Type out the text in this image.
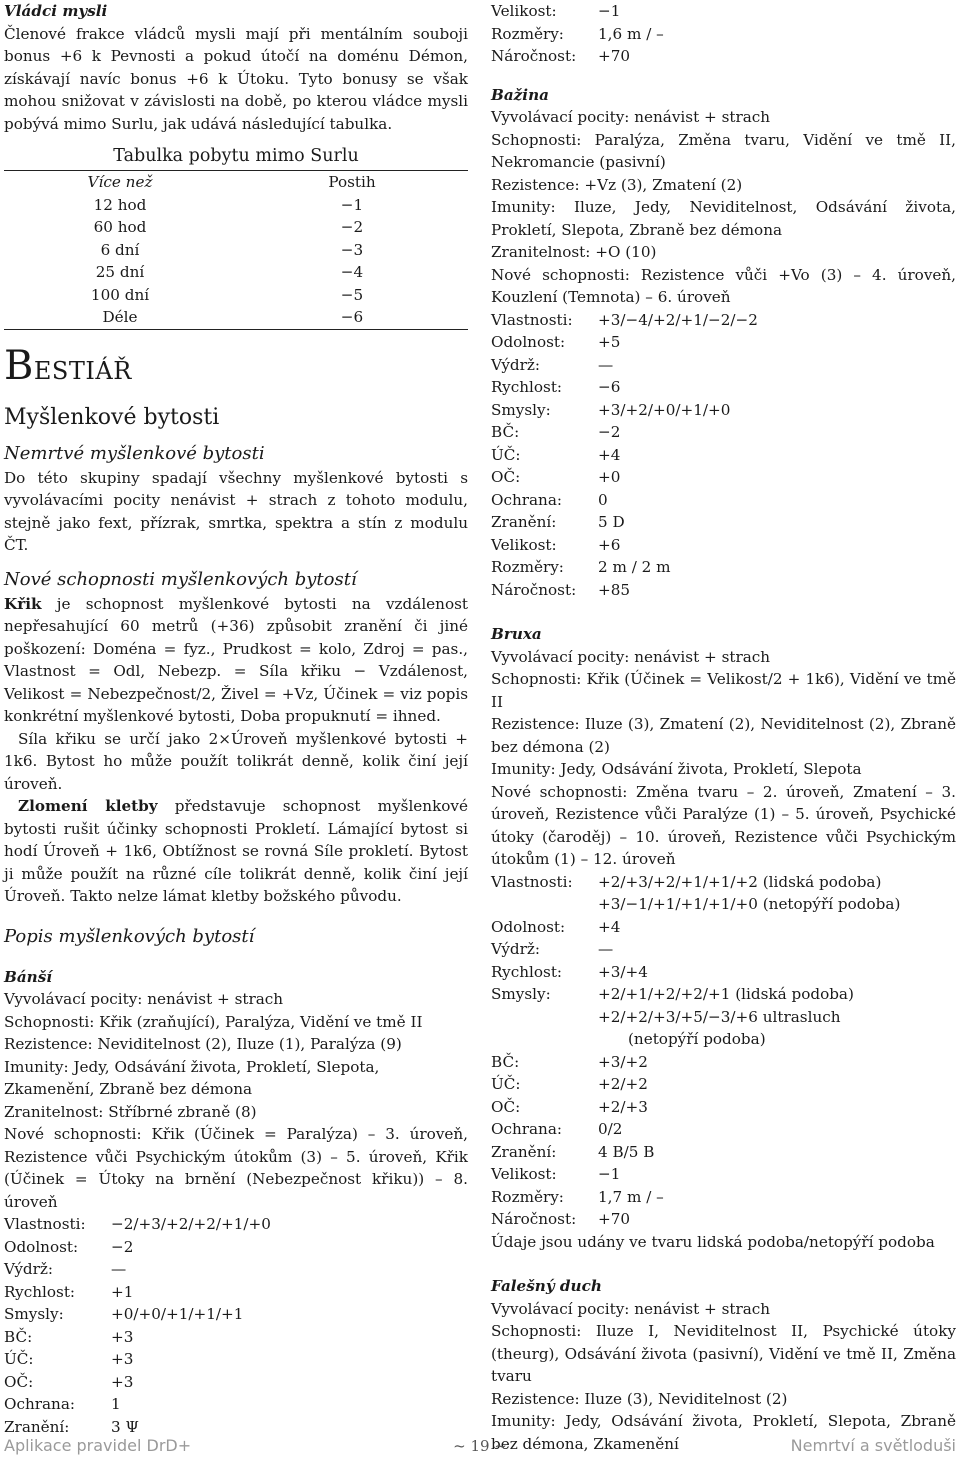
Vládci mysli
Členové frakce vládců mysli mají při mentálním souboji bonus +6 k Pevnosti a pokud útočí na doménu Démon, získávají navíc bonus +6 k Útoku. Tyto bonusy se však mohou snižovat v závislosti na době, po kterou vládce mysli pobývá mimo Surlu, jak udává následující tabulka.
Tabulka pobytu mimo Surlu
Více než	Postih
12 hod	−1
60 hod	−2
6 dní	−3
25 dní	−4
100 dní	−5
Déle	−6
Bestiář
Myšlenkové bytosti
Nemrtvé myšlenkové bytosti
Do této skupiny spadají všechny myšlenkové bytosti s vyvolávacími pocity nenávist + strach z tohoto modulu, stejně jako fext, přízrak, smrtka, spektra a stín z modulu ČT.
Nové schopnosti myšlenkových bytostí
Křik je schopnost myšlenkové bytosti na vzdálenost nepřesahující 60 metrů (+36) způsobit zranění či jiné poškození: Doména = fyz., Prudkost = kolo, Zdroj = pas., Vlastnost = Odl, Nebezp. = Síla křiku − Vzdálenost, Velikost = Nebezpečnost/2, Živel = +Vz, Účinek = viz popis konkrétní myšlenkové bytosti, Doba propuknutí = ihned.
Síla křiku se určí jako 2×Úroveň myšlenkové bytosti + 1k6. Bytost ho může použít tolikrát denně, kolik činí její úroveň.
Zlomení kletby představuje schopnost myšlenkové bytosti rušit účinky schopnosti Prokletí. Lámající bytost si hodí Úroveň + 1k6, Obtížnost se rovná Síle prokletí. Bytost ji může použít na různé cíle tolikrát denně, kolik činí její Úroveň. Takto nelze lámat kletby božského původu.
Popis myšlenkových bytostí
Bánší
Vyvolávací pocity: nenávist + strach
Schopnosti: Křik (zraňující), Paralýza, Vidění ve tmě II
Rezistence: Neviditelnost (2), Iluze (1), Paralýza (9)
Imunity: Jedy, Odsávání života, Prokletí, Slepota, Zkamenění, Zbraně bez démona
Zranitelnost: Stříbrné zbraně (8)
Nové schopnosti: Křik (Účinek = Paralýza) – 3. úroveň, Rezistence vůči Psychickým útokům (3) – 5. úroveň, Křik (Účinek = Útoky na brnění (Nebezpečnost křiku)) – 8. úroveň
Vlastnosti:	−2/+3/+2/+2/+1/+0
Odolnost:	−2
Výdrž:	—
Rychlost:	+1
Smysly:	+0/+0/+1/+1/+1
BČ:	+3
ÚČ:	+3
OČ:	+3
Ochrana:	1
Zranění:	3 Ψ
Velikost:	−1
Rozměry:	1,6 m / –
Náročnost:	+70
Bažina
Vyvolávací pocity: nenávist + strach
Schopnosti: Paralýza, Změna tvaru, Vidění ve tmě II, Nekromancie (pasivní)
Rezistence: +Vz (3), Zmatení (2)
Imunity: Iluze, Jedy, Neviditelnost, Odsávání života, Prokletí, Slepota, Zbraně bez démona
Zranitelnost: +O (10)
Nové schopnosti: Rezistence vůči +Vo (3) – 4. úroveň, Kouzlení (Temnota) – 6. úroveň
Vlastnosti:	+3/−4/+2/+1/−2/−2
Odolnost:	+5
Výdrž:	—
Rychlost:	−6
Smysly:	+3/+2/+0/+1/+0
BČ:	−2
ÚČ:	+4
OČ:	+0
Ochrana:	0
Zranění:	5 D
Velikost:	+6
Rozměry:	2 m / 2 m
Náročnost:	+85
Bruxa
Vyvolávací pocity: nenávist + strach
Schopnosti: Křik (Účinek = Velikost/2 + 1k6), Vidění ve tmě II
Rezistence: Iluze (3), Zmatení (2), Neviditelnost (2), Zbraně bez démona (2)
Imunity: Jedy, Odsávání života, Prokletí, Slepota
Nové schopnosti: Změna tvaru – 2. úroveň, Zmatení – 3. úroveň, Rezistence vůči Paralýze (1) – 5. úroveň, Psychické útoky (čaroděj) – 10. úroveň, Rezistence vůči Psychickým útokům (1) – 12. úroveň
Vlastnosti:	+2/+3/+2/+1/+1/+2 (lidská podoba)
+3/−1/+1/+1/+1/+0 (netopýří podoba)
Odolnost:	+4
Výdrž:	—
Rychlost:	+3/+4
Smysly:	+2/+1/+2/+2/+1 (lidská podoba)
+2/+2/+3/+5/−3/+6 ultrasluch
(netopýří podoba)
BČ:	+3/+2
ÚČ:	+2/+2
OČ:	+2/+3
Ochrana:	0/2
Zranění:	4 B/5 B
Velikost:	−1
Rozměry:	1,7 m / –
Náročnost:	+70
Údaje jsou udány ve tvaru lidská podoba/netopýří podoba
Falešný duch
Vyvolávací pocity: nenávist + strach
Schopnosti: Iluze I, Neviditelnost II, Psychické útoky (theurg), Odsávání života (pasivní), Vidění ve tmě II, Změna tvaru
Rezistence: Iluze (3), Neviditelnost (2)
Imunity: Jedy, Odsávání života, Prokletí, Slepota, Zbraně bez démona, Zkamenění
Aplikace pravidel DrD+	~ 19 ~	Nemrtví a světloduši
